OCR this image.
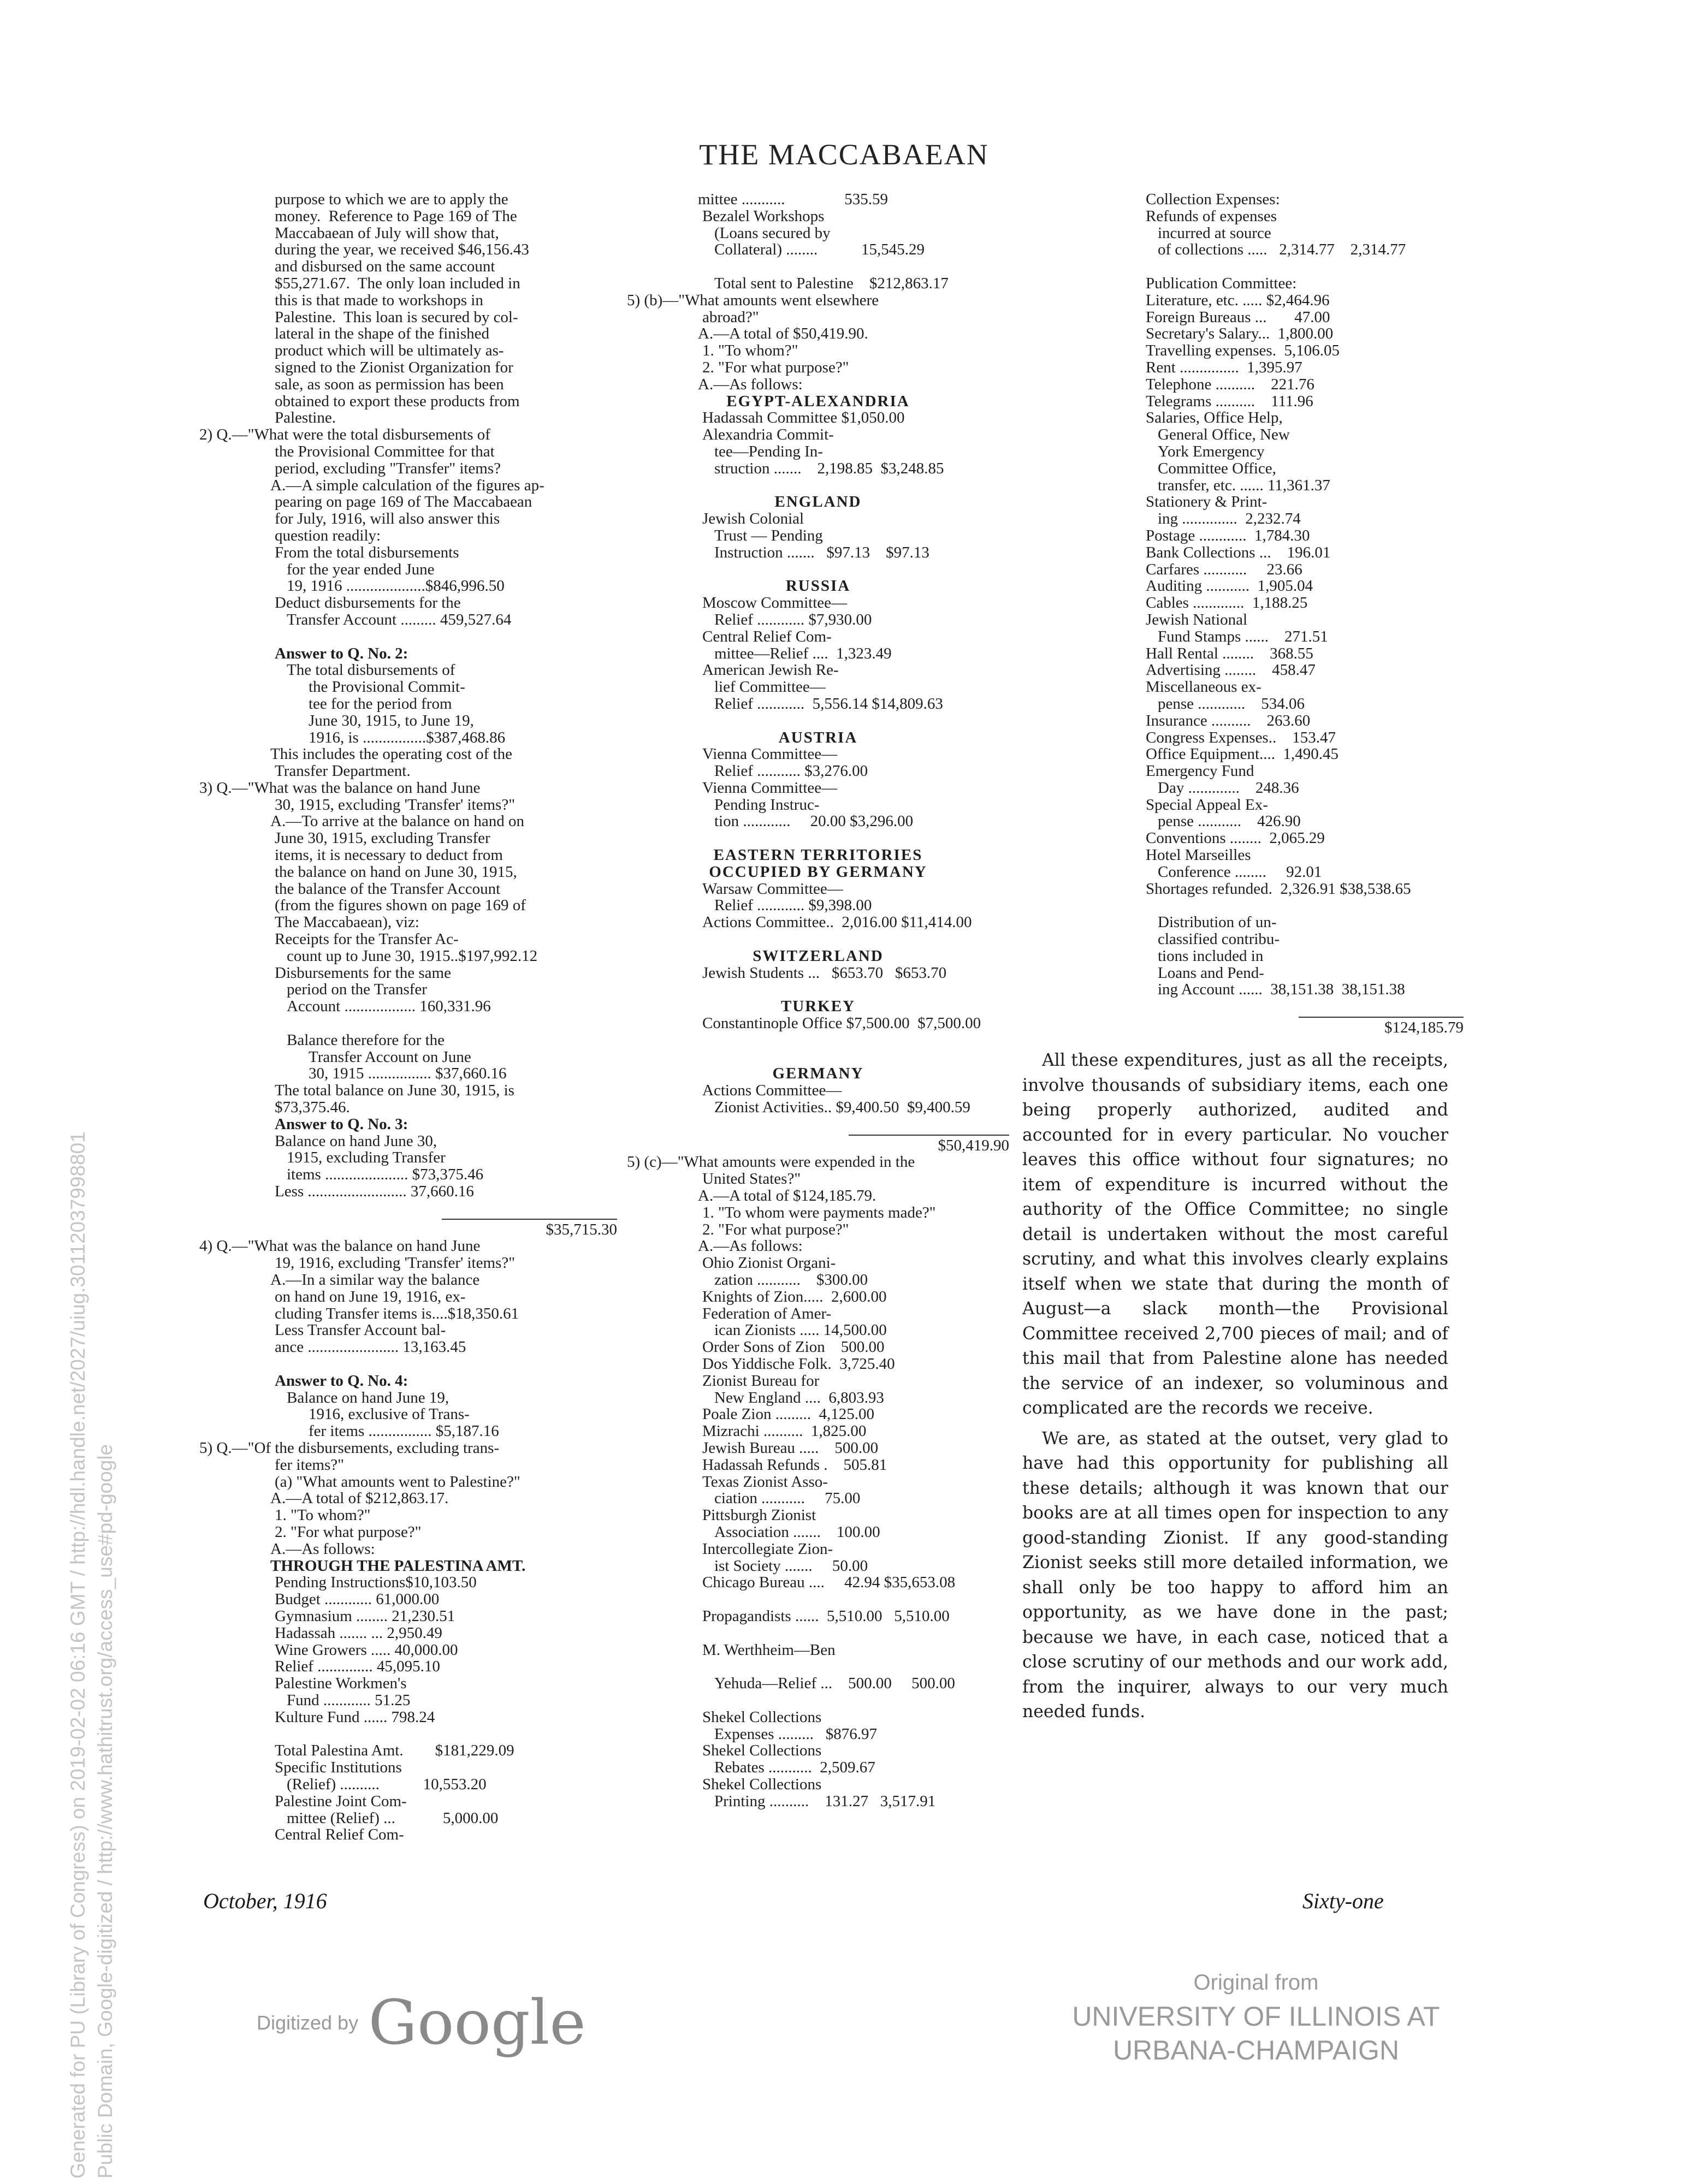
THE MACCABAEAN
purpose to which we are to apply the
money.  Reference to Page 169 of The
Maccabaean of July will show that,
during the year, we received $46,156.43
and disbursed on the same account
$55,271.67.  The only loan included in
this is that made to workshops in
Palestine.  This loan is secured by col-
lateral in the shape of the finished
product which will be ultimately as-
signed to the Zionist Organization for
sale, as soon as permission has been
obtained to export these products from
Palestine.
2) Q.—"What were the total disbursements of
the Provisional Committee for that
period, excluding "Transfer" items?
A.—A simple calculation of the figures ap-
pearing on page 169 of The Maccabaean
for July, 1916, will also answer this
question readily:
From the total disbursements
for the year ended June
19, 1916 ....................$846,996.50
Deduct disbursements for the
Transfer Account ......... 459,527.64
Answer to Q. No. 2:
The total disbursements of
the Provisional Commit-
tee for the period from
June 30, 1915, to June 19,
1916, is ................$387,468.86
This includes the operating cost of the
Transfer Department.
3) Q.—"What was the balance on hand June
30, 1915, excluding 'Transfer' items?"
A.—To arrive at the balance on hand on
June 30, 1915, excluding Transfer
items, it is necessary to deduct from
the balance on hand on June 30, 1915,
the balance of the Transfer Account
(from the figures shown on page 169 of
The Maccabaean), viz:
Receipts for the Transfer Ac-
count up to June 30, 1915..$197,992.12
Disbursements for the same
period on the Transfer
Account .................. 160,331.96
Balance therefore for the
Transfer Account on June
30, 1915 ................ $37,660.16
The total balance on June 30, 1915, is
$73,375.46.
Answer to Q. No. 3:
Balance on hand June 30,
1915, excluding Transfer
items ..................... $73,375.46
Less ......................... 37,660.16
$35,715.30
4) Q.—"What was the balance on hand June
19, 1916, excluding 'Transfer' items?"
A.—In a similar way the balance
on hand on June 19, 1916, ex-
cluding Transfer items is....$18,350.61
Less Transfer Account bal-
ance ....................... 13,163.45
Answer to Q. No. 4:
Balance on hand June 19,
1916, exclusive of Trans-
fer items ................ $5,187.16
5) Q.—"Of the disbursements, excluding trans-
fer items?"
(a) "What amounts went to Palestine?"
A.—A total of $212,863.17.
1. "To whom?"
2. "For what purpose?"
A.—As follows:
THROUGH THE PALESTINA AMT.
Pending Instructions$10,103.50
Budget ............ 61,000.00
Gymnasium ........ 21,230.51
Hadassah ....... ... 2,950.49
Wine Growers ..... 40,000.00
Relief .............. 45,095.10
Palestine Workmen's
Fund ............ 51.25
Kulture Fund ...... 798.24
Total Palestina Amt.        $181,229.09
Specific Institutions
(Relief) ..........           10,553.20
Palestine Joint Com-
mittee (Relief) ...            5,000.00
Central Relief Com-
mittee ...........               535.59
Bezalel Workshops
(Loans secured by
Collateral) ........           15,545.29
Total sent to Palestine    $212,863.17
5) (b)—"What amounts went elsewhere
abroad?"
A.—A total of $50,419.90.
1. "To whom?"
2. "For what purpose?"
A.—As follows:
EGYPT-ALEXANDRIA
Hadassah Committee $1,050.00
Alexandria Commit-
tee—Pending In-
struction .......    2,198.85  $3,248.85
ENGLAND
Jewish Colonial
Trust — Pending
Instruction .......   $97.13    $97.13
RUSSIA
Moscow Committee—
Relief ............ $7,930.00
Central Relief Com-
mittee—Relief ....  1,323.49
American Jewish Re-
lief Committee—
Relief ............  5,556.14 $14,809.63
AUSTRIA
Vienna Committee—
Relief ........... $3,276.00
Vienna Committee—
Pending Instruc-
tion ............     20.00 $3,296.00
EASTERN TERRITORIES
OCCUPIED BY GERMANY
Warsaw Committee—
Relief ............ $9,398.00
Actions Committee..  2,016.00 $11,414.00
SWITZERLAND
Jewish Students ...   $653.70   $653.70
TURKEY
Constantinople Office $7,500.00  $7,500.00
GERMANY
Actions Committee—
Zionist Activities.. $9,400.50  $9,400.59
$50,419.90
5) (c)—"What amounts were expended in the
United States?"
A.—A total of $124,185.79.
1. "To whom were payments made?"
2. "For what purpose?"
A.—As follows:
Ohio Zionist Organi-
zation ...........    $300.00
Knights of Zion.....  2,600.00
Federation of Amer-
ican Zionists ..... 14,500.00
Order Sons of Zion    500.00
Dos Yiddische Folk.  3,725.40
Zionist Bureau for
New England ....  6,803.93
Poale Zion .........  4,125.00
Mizrachi ..........  1,825.00
Jewish Bureau .....    500.00
Hadassah Refunds .    505.81
Texas Zionist Asso-
ciation ...........     75.00
Pittsburgh Zionist
Association .......    100.00
Intercollegiate Zion-
ist Society .......     50.00
Chicago Bureau ....     42.94 $35,653.08
Propagandists ......  5,510.00   5,510.00
M. Werthheim—Ben
Yehuda—Relief ...    500.00     500.00
Shekel Collections
Expenses .........   $876.97
Shekel Collections
Rebates ...........  2,509.67
Shekel Collections
Printing ..........    131.27   3,517.91
Collection Expenses:
Refunds of expenses
incurred at source
of collections .....   2,314.77    2,314.77
Publication Committee:
Literature, etc. ..... $2,464.96
Foreign Bureaus ...       47.00
Secretary's Salary...  1,800.00
Travelling expenses.  5,106.05
Rent ...............  1,395.97
Telephone ..........    221.76
Telegrams ..........    111.96
Salaries, Office Help,
General Office, New
York Emergency
Committee Office,
transfer, etc. ...... 11,361.37
Stationery & Print-
ing ..............  2,232.74
Postage ............  1,784.30
Bank Collections ...    196.01
Carfares ...........     23.66
Auditing ...........  1,905.04
Cables .............  1,188.25
Jewish National
Fund Stamps ......    271.51
Hall Rental ........    368.55
Advertising ........    458.47
Miscellaneous ex-
pense ............    534.06
Insurance ..........    263.60
Congress Expenses..    153.47
Office Equipment....  1,490.45
Emergency Fund
Day .............    248.36
Special Appeal Ex-
pense ...........    426.90
Conventions ........  2,065.29
Hotel Marseilles
Conference ........     92.01
Shortages refunded.  2,326.91 $38,538.65
Distribution of un-
classified contribu-
tions included in
Loans and Pend-
ing Account ......  38,151.38  38,151.38
$124,185.79

All these expenditures, just as all the receipts, involve thousands of subsidiary items, each one being properly authorized, audited and accounted for in every particular. No voucher leaves this office without four signatures; no item of expenditure is incurred without the authority of the Office Committee; no single detail is undertaken without the most careful scrutiny, and what this involves clearly explains itself when we state that during the month of August—a slack month—the Provisional Committee received 2,700 pieces of mail; and of this mail that from Palestine alone has needed the service of an indexer, so voluminous and complicated are the records we receive.

We are, as stated at the outset, very glad to have had this opportunity for publishing all these details; although it was known that our books are at all times open for inspection to any good-standing Zionist. If any good-standing Zionist seeks still more detailed information, we shall only be too happy to afford him an opportunity, as we have done in the past; because we have, in each case, noticed that a close scrutiny of our methods and our work add, from the inquirer, always to our very much needed funds.

October, 1916	Sixty-one
Digitized by Google
Original from
UNIVERSITY OF ILLINOIS AT
URBANA-CHAMPAIGN
Generated for PU (Library of Congress) on 2019-02-02 06:16 GMT / http://hdl.handle.net/2027/uiug.30112037998801 Public Domain, Google-digitized / http://www.hathitrust.org/access_use#pd-google
